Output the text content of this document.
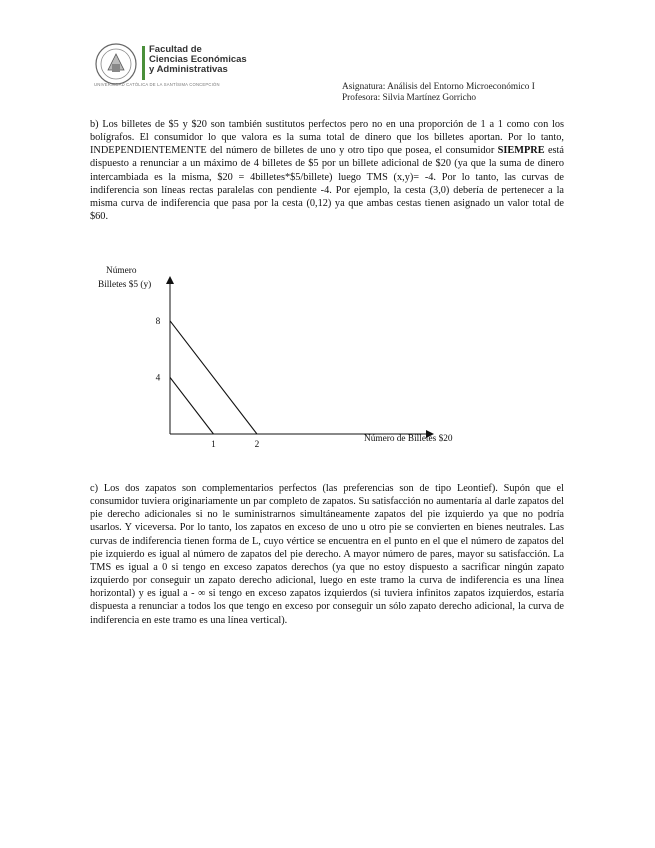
Facultad de
Ciencias Económicas
y Administrativas
UNIVERSIDAD CATÓLICA DE LA SANTÍSIMA CONCEPCIÓN	Asignatura: Análisis del Entorno Microeconómico I
Profesora: Silvia Martínez Gorricho
b) Los billetes de $5 y $20 son también sustitutos perfectos pero no en una proporción de 1 a 1 como con los bolígrafos. El consumidor lo que valora es la suma total de dinero que los billetes aportan. Por lo tanto, INDEPENDIENTEMENTE del número de billetes de uno y otro tipo que posea, el consumidor SIEMPRE está dispuesto a renunciar a un máximo de 4 billetes de $5 por un billete adicional de $20 (ya que la suma de dinero intercambiada es la misma, $20 = 4billetes*$5/billete) luego TMS (x,y)= -4. Por lo tanto, las curvas de indiferencia son líneas rectas paralelas con pendiente -4. Por ejemplo, la cesta (3,0) debería de pertenecer a la misma curva de indiferencia que pasa por la cesta (0,12) ya que ambas cestas tienen asignado un valor total de $60.
Número
Billetes $5 (y)
Número de Billetes $20
4
8
1	2
c) Los dos zapatos son complementarios perfectos (las preferencias son de tipo Leontief). Supón que el consumidor tuviera originariamente un par completo de zapatos. Su satisfacción no aumentaría al darle zapatos del pie derecho adicionales si no le suministrarnos simultáneamente zapatos del pie izquierdo ya que no podría usarlos. Y viceversa. Por lo tanto, los zapatos en exceso de uno u otro pie se convierten en bienes neutrales. Las curvas de indiferencia tienen forma de L, cuyo vértice se encuentra en el punto en el que el número de zapatos del pie izquierdo es igual al número de zapatos del pie derecho. A mayor número de pares, mayor su satisfacción. La TMS es igual a 0 si tengo en exceso zapatos derechos (ya que no estoy dispuesto a sacrificar ningún zapato izquierdo por conseguir un zapato derecho adicional, luego en este tramo la curva de indiferencia es una línea horizontal) y es igual a - ∞ si tengo en exceso zapatos izquierdos (si tuviera infinitos zapatos izquierdos, estaría dispuesta a renunciar a todos los que tengo en exceso por conseguir un sólo zapato derecho adicional, la curva de indiferencia en este tramo es una línea vertical).
